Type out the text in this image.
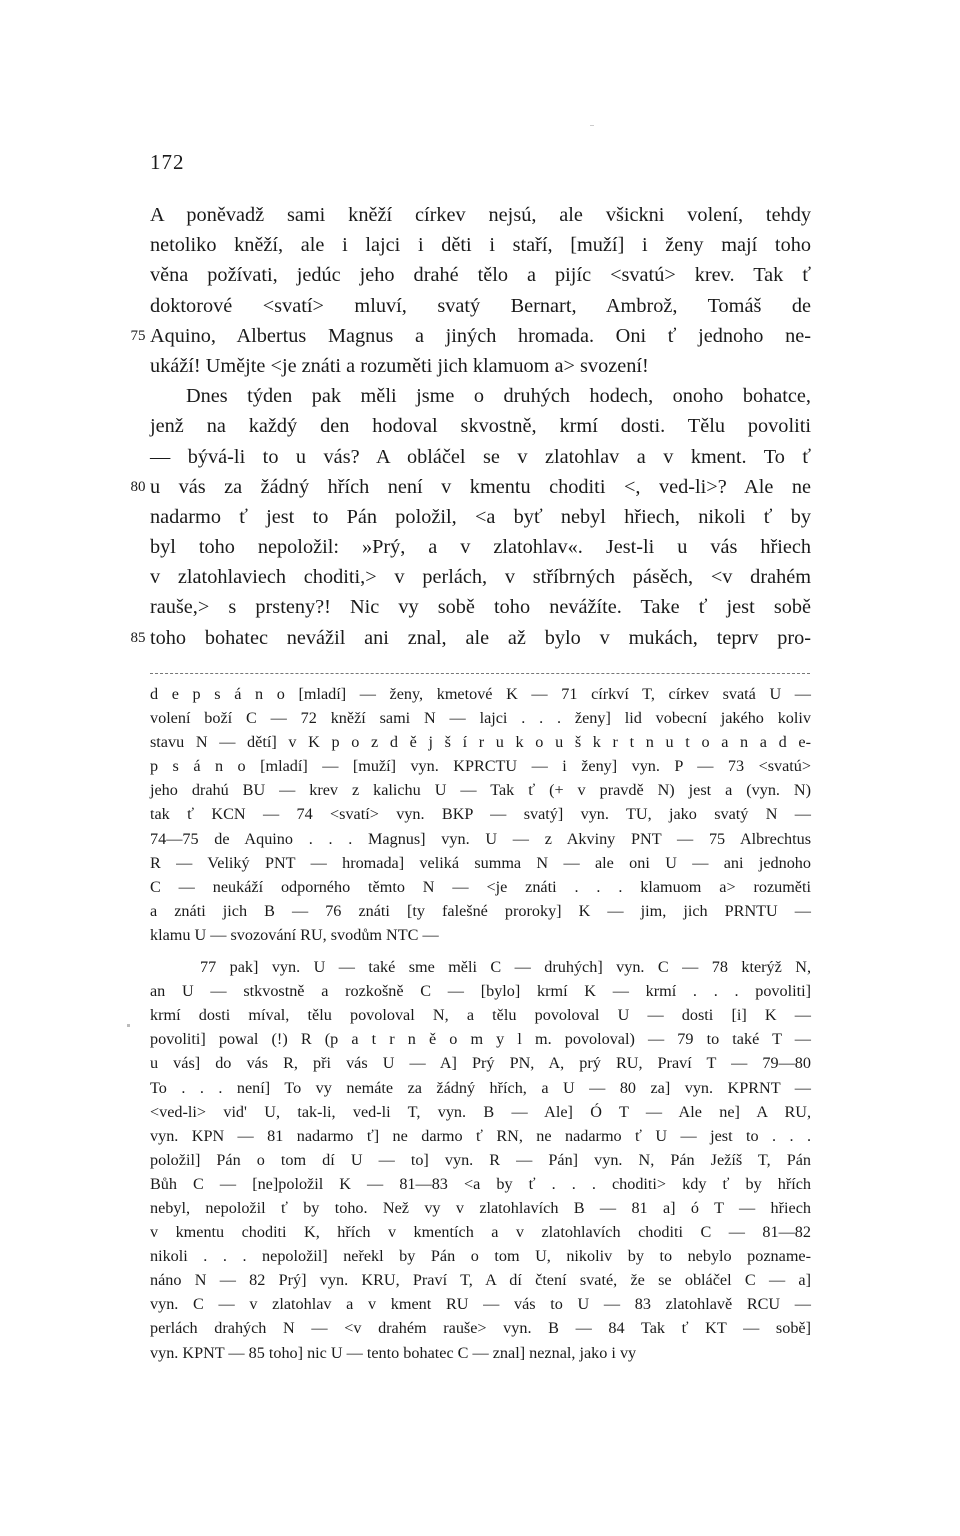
172
A poněvadž sami kněží církev nejsú, ale všickni volení, tehdy
netoliko kněží, ale i lajci i děti i staří, [muží] i ženy mají toho
věna požívati, jedúc jeho drahé tělo a pijíc <svatú> krev. Tak ť
doktorové <svatí> mluví, svatý Bernart, Ambrož, Tomáš de
Aquino, Albertus Magnus a jiných hromada. Oni ť jednoho ne-
75
ukáží! Umějte <je znáti a rozuměti jich klamuom a> svození!
Dnes týden pak měli jsme o druhých hodech, onoho bohatce,
jenž na každý den hodoval skvostně, krmí dosti. Tělu povoliti
— bývá-li to u vás? A obláčel se v zlatohlav a v kment. To ť
u vás za žádný hřích není v kmentu choditi <, ved-li>? Ale ne
80
nadarmo ť jest to Pán položil, <a byť nebyl hřiech, nikoli ť by
byl toho nepoložil: »Prý, a v zlatohlav«. Jest-li u vás hřiech
v zlatohlaviech choditi,> v perlách, v stříbrných pásěch, <v drahém
rauše,> s prsteny?! Nic vy sobě toho nevážíte. Take ť jest sobě
toho bohatec nevážil ani znal, ale až bylo v mukách, teprv pro-
85
d e p s á n o [mladí] — ženy, kmetové K — 71 církví T, církev svatá U —
volení boží C — 72 kněží sami N — lajci . . . ženy] lid vobecní jakého koliv
stavu N — dětí] v K p o z d ě j š í r u k o u š k r t n u t o a n a d e-
p s á n o [mladí] — [muží] vyn. KPRCTU — i ženy] vyn. P — 73 <svatú>
jeho drahú BU — krev z kalichu U — Tak ť (+ v pravdě N) jest a (vyn. N)
tak ť KCN — 74 <svatí> vyn. BKP — svatý] vyn. TU, jako svatý N —
74—75 de Aquino . . . Magnus] vyn. U — z Akviny PNT — 75 Albrechtus
R — Veliký PNT — hromada] veliká summa N — ale oni U — ani jednoho
C — neukáží odporného těmto N — <je znáti . . . klamuom a> rozuměti
a znáti jich B — 76 znáti [ty falešné proroky] K — jim, jich PRNTU —
klamu U — svozování RU, svodům NTC —
77 pak] vyn. U — také sme měli C — druhých] vyn. C — 78 kterýž N,
an U — stkvostně a rozkošně C — [bylo] krmí K — krmí . . . povoliti]
krmí dosti míval, tělu povoloval N, a tělu povoloval U — dosti [i] K —
povoliti] powal (!) R (p a t r n ě o m y l m. povoloval) — 79 to také T —
u vás] do vás R, při vás U — A] Prý PN, A, prý RU, Praví T — 79—80
To . . . není] To vy nemáte za žádný hřích, a U — 80 za] vyn. KPRNT —
<ved-li> vid' U, tak-li, ved-li T, vyn. B — Ale] Ó T — Ale ne] A RU,
vyn. KPN — 81 nadarmo ť] ne darmo ť RN, ne nadarmo ť U — jest to . . .
položil] Pán o tom dí U — to] vyn. R — Pán] vyn. N, Pán Ježíš T, Pán
Bůh C — [ne]položil K — 81—83 <a by ť . . . choditi> kdy ť by hřích
nebyl, nepoložil ť by toho. Než vy v zlatohlavích B — 81 a] ó T — hřiech
v kmentu choditi K, hřích v kmentích a v zlatohlavích choditi C — 81—82
nikoli . . . nepoložil] neřekl by Pán o tom U, nikoliv by to nebylo poznamе-
náno N — 82 Prý] vyn. KRU, Praví T, A dí čtení svaté, že se obláčel C — a]
vyn. C — v zlatohlav a v kment RU — vás to U — 83 zlatohlavě RCU —
perlách drahých N — <v drahém rauše> vyn. B — 84 Tak ť KT — sobě]
vyn. KPNT — 85 toho] nic U — tento bohatec C — znal] neznal, jako i vy
